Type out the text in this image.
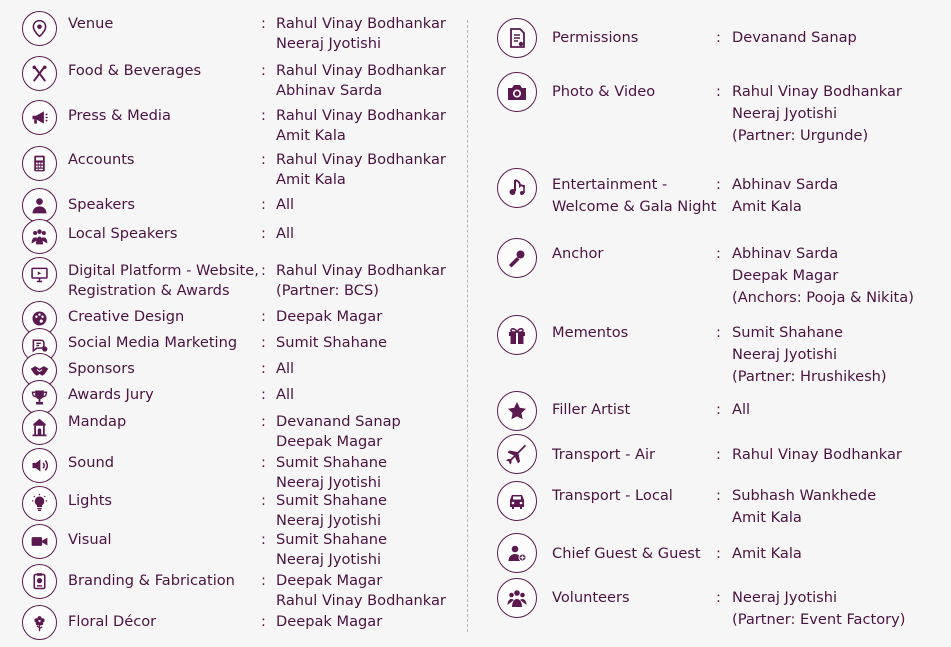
Venue	: Rahul Vinay Bodhankar
Neeraj Jyotishi
Food & Beverages	: Rahul Vinay Bodhankar
Abhinav Sarda
Press & Media	: Rahul Vinay Bodhankar
Amit Kala
Accounts	: Rahul Vinay Bodhankar
Amit Kala
Speakers	: All
Local Speakers	: All
Digital Platform - Website,
Registration & Awards
: Rahul Vinay Bodhankar
(Partner: BCS)
Creative Design	: Deepak Magar
Social Media Marketing : Sumit Shahane
Sponsors	: All
Awards Jury	: All
Mandap	: Devanand Sanap
Deepak Magar
Sound	: Sumit Shahane
Neeraj Jyotishi
Lights	: Sumit Shahane
Neeraj Jyotishi
Visual	: Sumit Shahane
Neeraj Jyotishi
Branding & Fabrication : Deepak Magar
Rahul Vinay Bodhankar
Floral Décor	: Deepak Magar
Permissions	: Devanand Sanap
Photo & Video	: Rahul Vinay Bodhankar
Neeraj Jyotishi
(Partner: Urgunde)
Entertainment -
Welcome & Gala Night
: Abhinav Sarda
Amit Kala
Anchor	: Abhinav Sarda
Deepak Magar
(Anchors: Pooja & Nikita)
Mementos	: Sumit Shahane
Neeraj Jyotishi
(Partner: Hrushikesh)
Filler Artist	: All
Transport - Air	: Rahul Vinay Bodhankar
Transport - Local	: Subhash Wankhede
Amit Kala
Chief Guest & Guest : Amit Kala
Volunteers	: Neeraj Jyotishi
(Partner: Event Factory)
